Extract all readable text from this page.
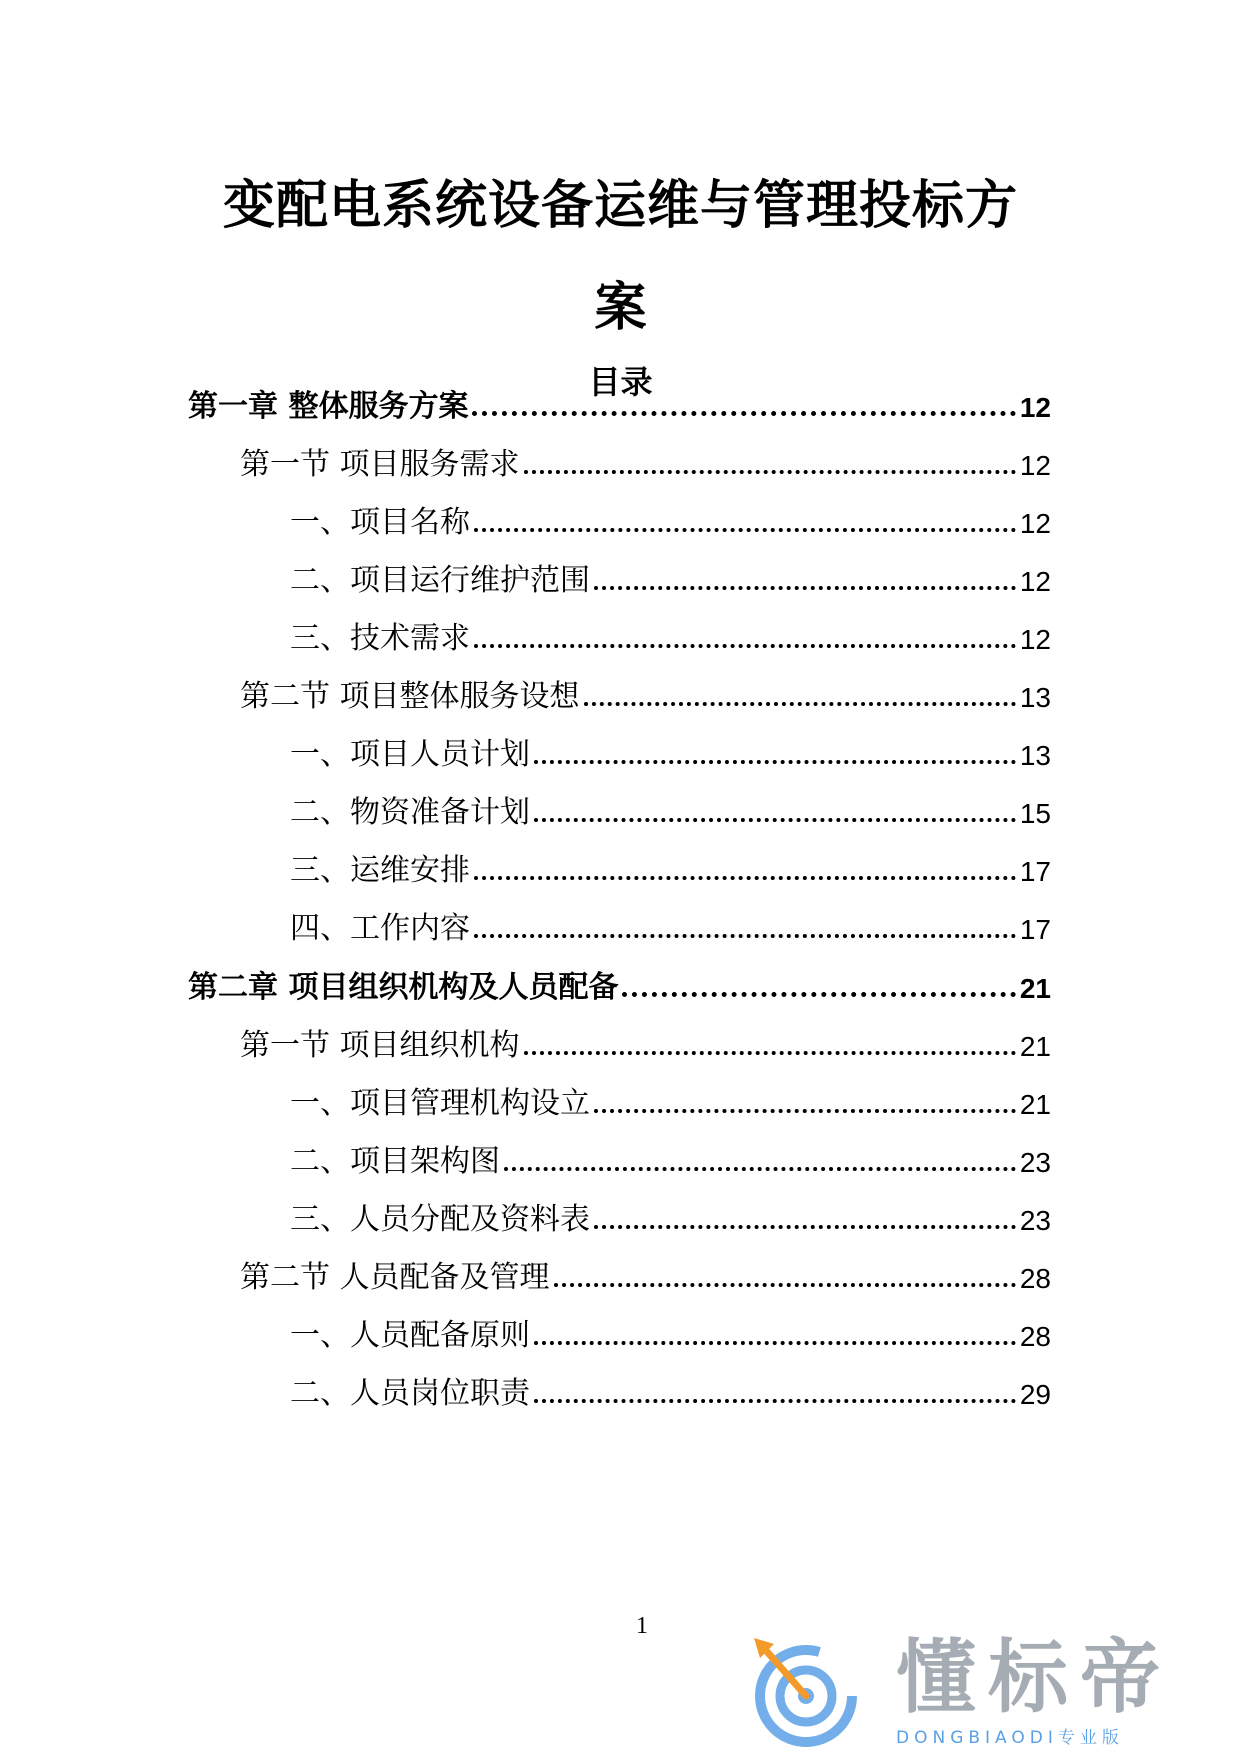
变配电系统设备运维与管理投标方
案
目录
第一章 整体服务方案	12
第一节 项目服务需求	12
一、项目名称	12
二、项目运行维护范围	12
三、技术需求	12
第二节 项目整体服务设想	13
一、项目人员计划	13
二、物资准备计划	15
三、运维安排	17
四、工作内容	17
第二章 项目组织机构及人员配备	21
第一节 项目组织机构	21
一、项目管理机构设立	21
二、项目架构图	23
三、人员分配及资料表	23
第二节 人员配备及管理	28
一、人员配备原则	28
二、人员岗位职责	29
1
懂标帝
DONGBIAODI专业版
